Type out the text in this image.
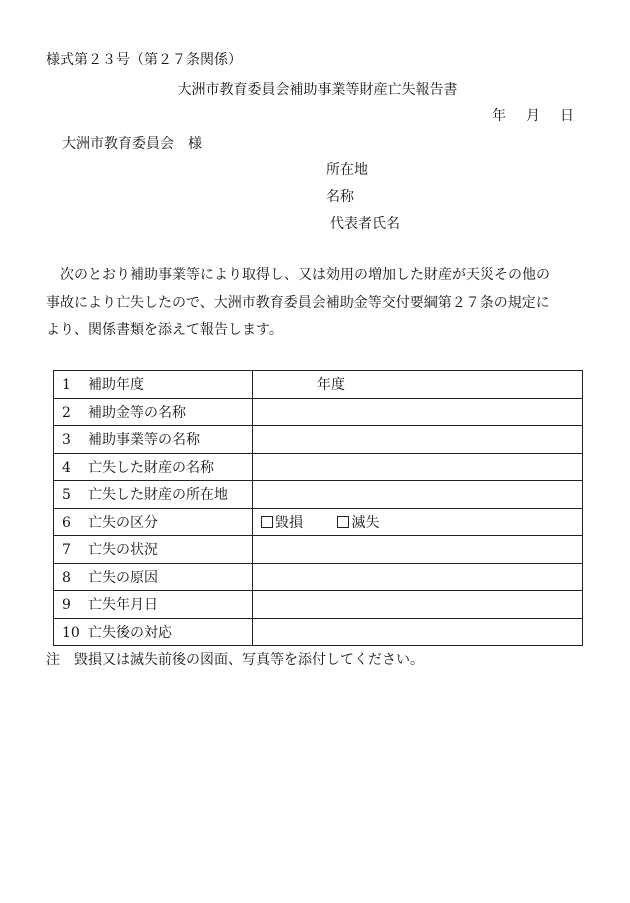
様式第２３号（第２７条関係）
大洲市教育委員会補助事業等財産亡失報告書
年 月 日
大洲市教育委員会　様
所在地
名称
代表者氏名
次のとおり補助事業等により取得し、又は効用の増加した財産が天災その他の
事故により亡失したので、大洲市教育委員会補助金等交付要綱第２７条の規定に
より、関係書類を添えて報告します。
1 補助年度	年度
2 補助金等の名称	
3 補助事業等の名称	
4 亡失した財産の名称	
5 亡失した財産の所在地	
6 亡失の区分	毀損 滅失
7 亡失の状況	
8 亡失の原因	
9 亡失年月日	
10 亡失後の対応	
注　毀損又は滅失前後の図面、写真等を添付してください。
